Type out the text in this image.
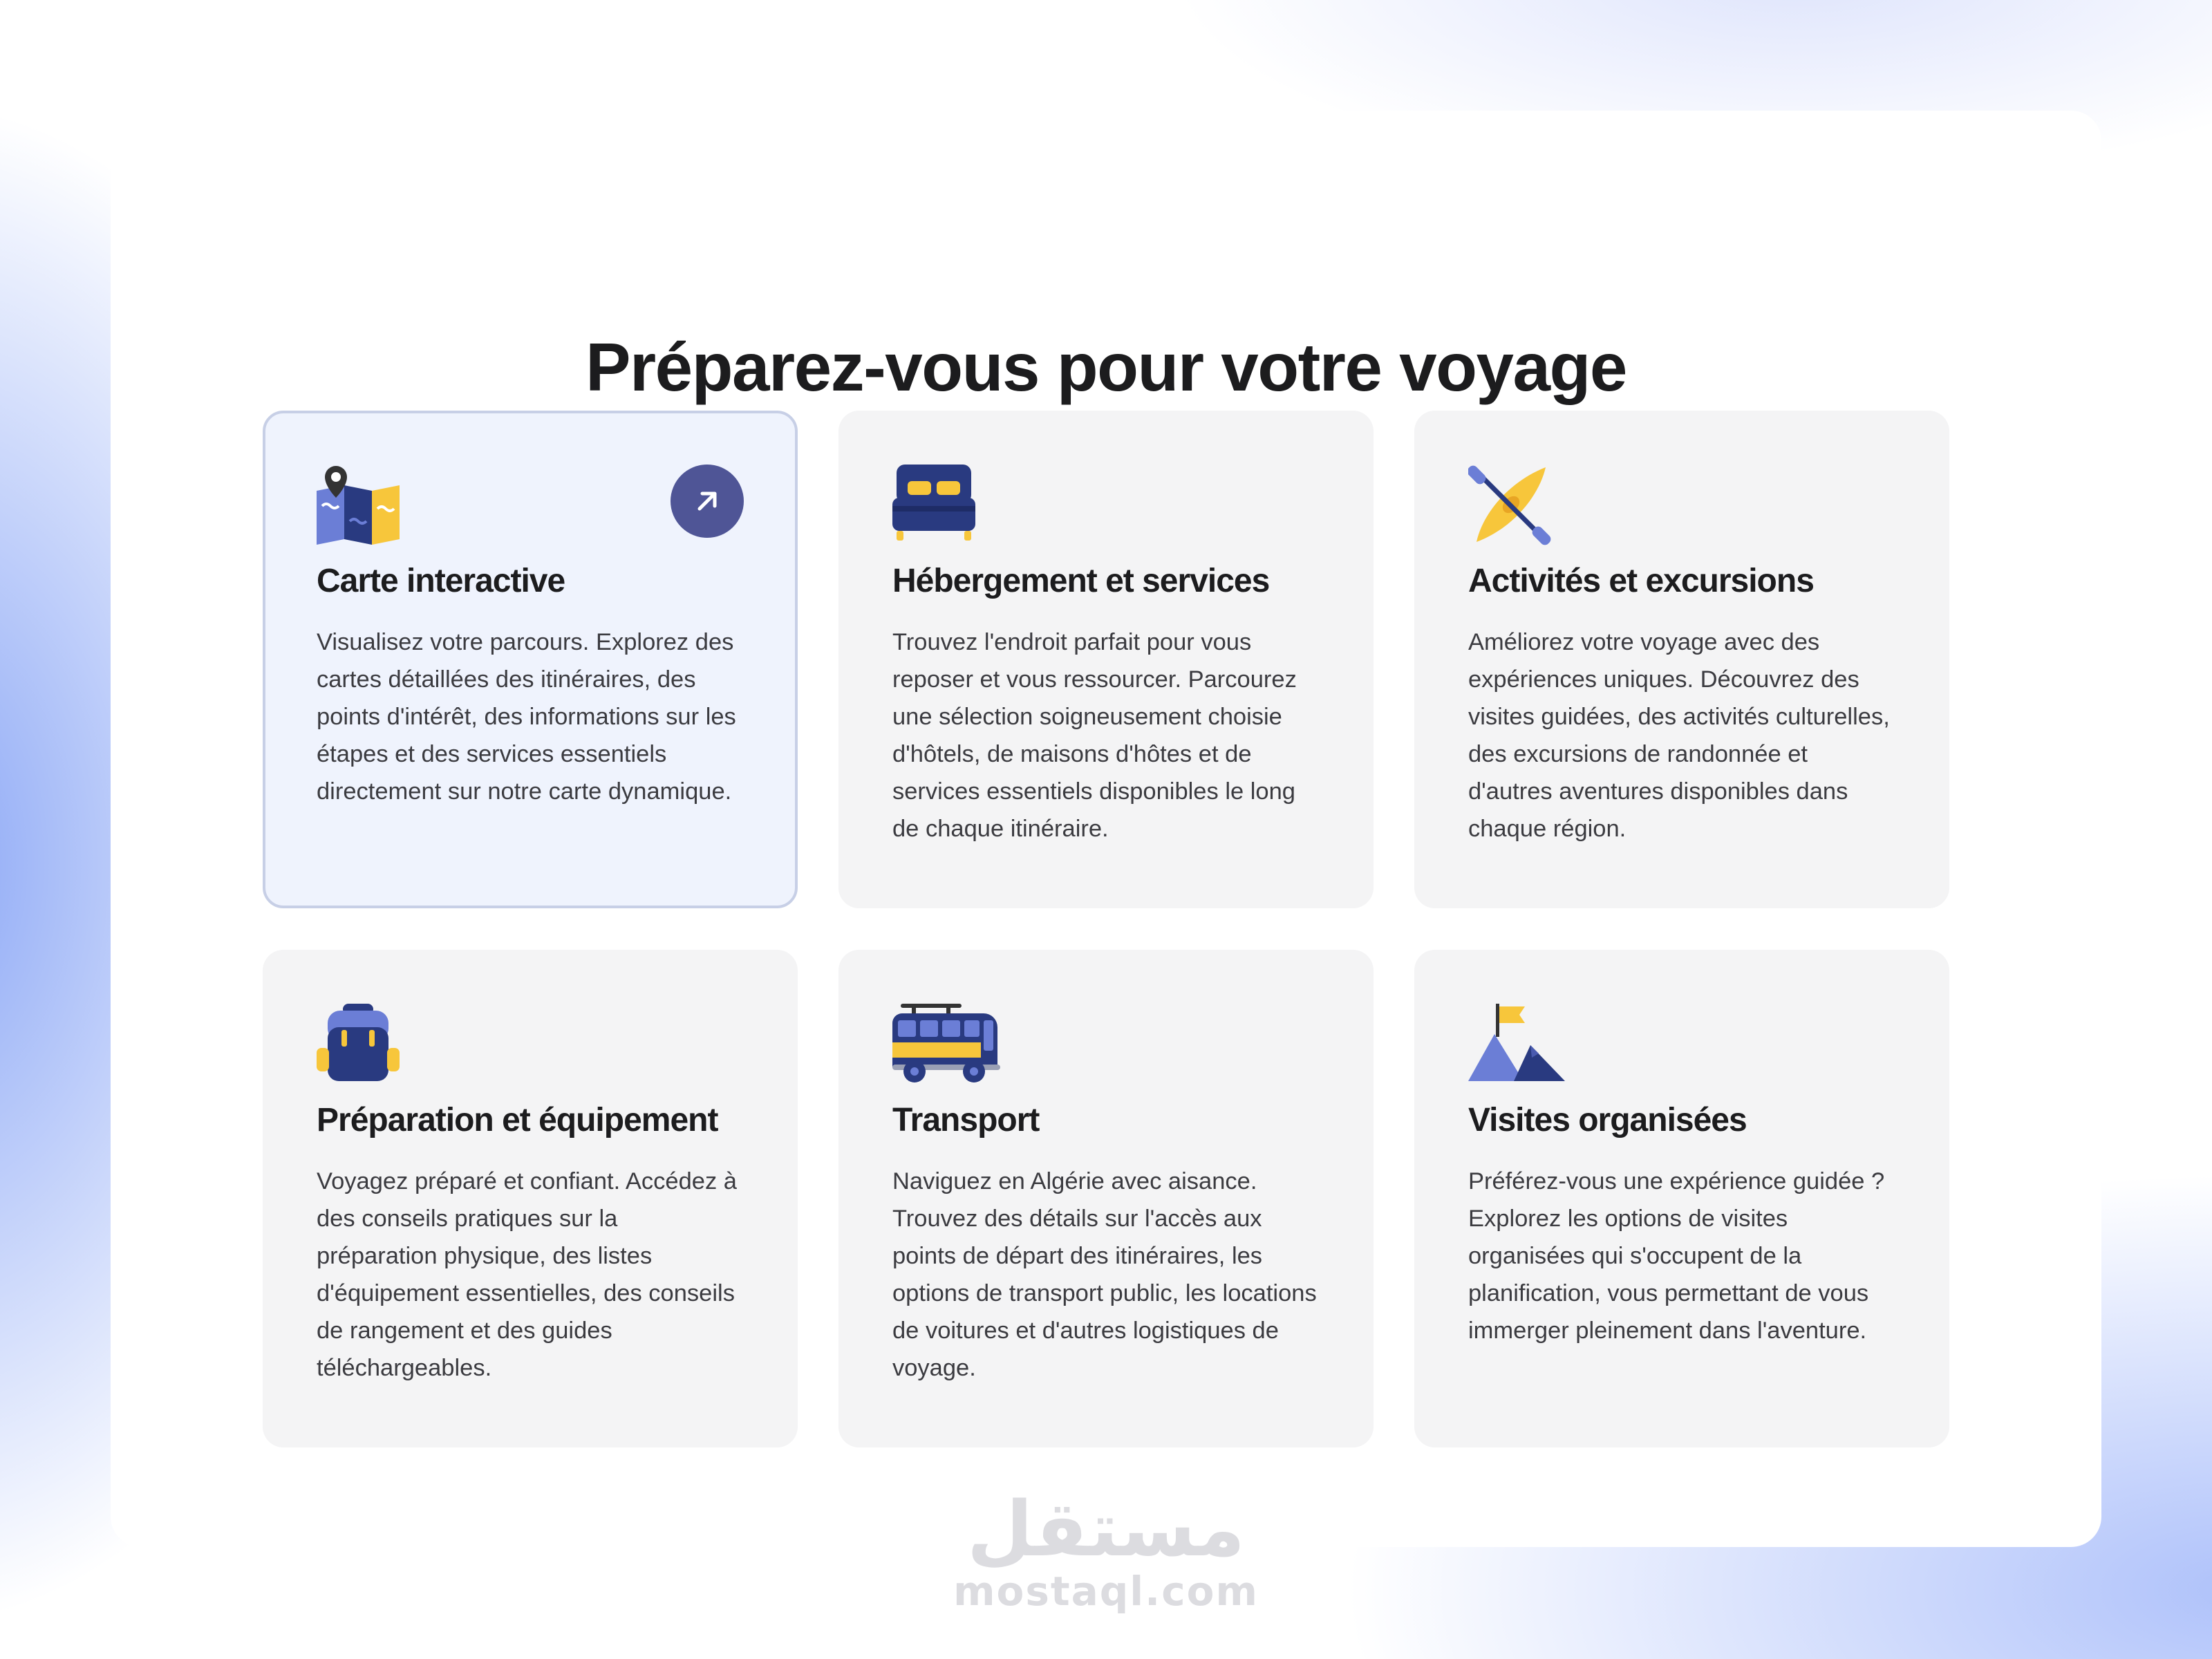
Préparez-vous pour votre voyage
Carte interactive

Visualisez votre parcours. Explorez des cartes détaillées des itinéraires, des points d'intérêt, des informations sur les étapes et des services essentiels directement sur notre carte dynamique.

Hébergement et services

Trouvez l'endroit parfait pour vous reposer et vous ressourcer. Parcourez une sélection soigneusement choisie d'hôtels, de maisons d'hôtes et de services essentiels disponibles le long de chaque itinéraire.

Activités et excursions

Améliorez votre voyage avec des expériences uniques. Découvrez des visites guidées, des activités culturelles, des excursions de randonnée et d'autres aventures disponibles dans chaque région.

Préparation et équipement

Voyagez préparé et confiant. Accédez à des conseils pratiques sur la préparation physique, des listes d'équipement essentielles, des conseils de rangement et des guides téléchargeables.

Transport

Naviguez en Algérie avec aisance. Trouvez des détails sur l'accès aux points de départ des itinéraires, les options de transport public, les locations de voitures et d'autres logistiques de voyage.

Visites organisées

Préférez-vous une expérience guidée ? Explorez les options de visites organisées qui s'occupent de la planification, vous permettant de vous immerger pleinement dans l'aventure.

مستقل
mostaql.com
